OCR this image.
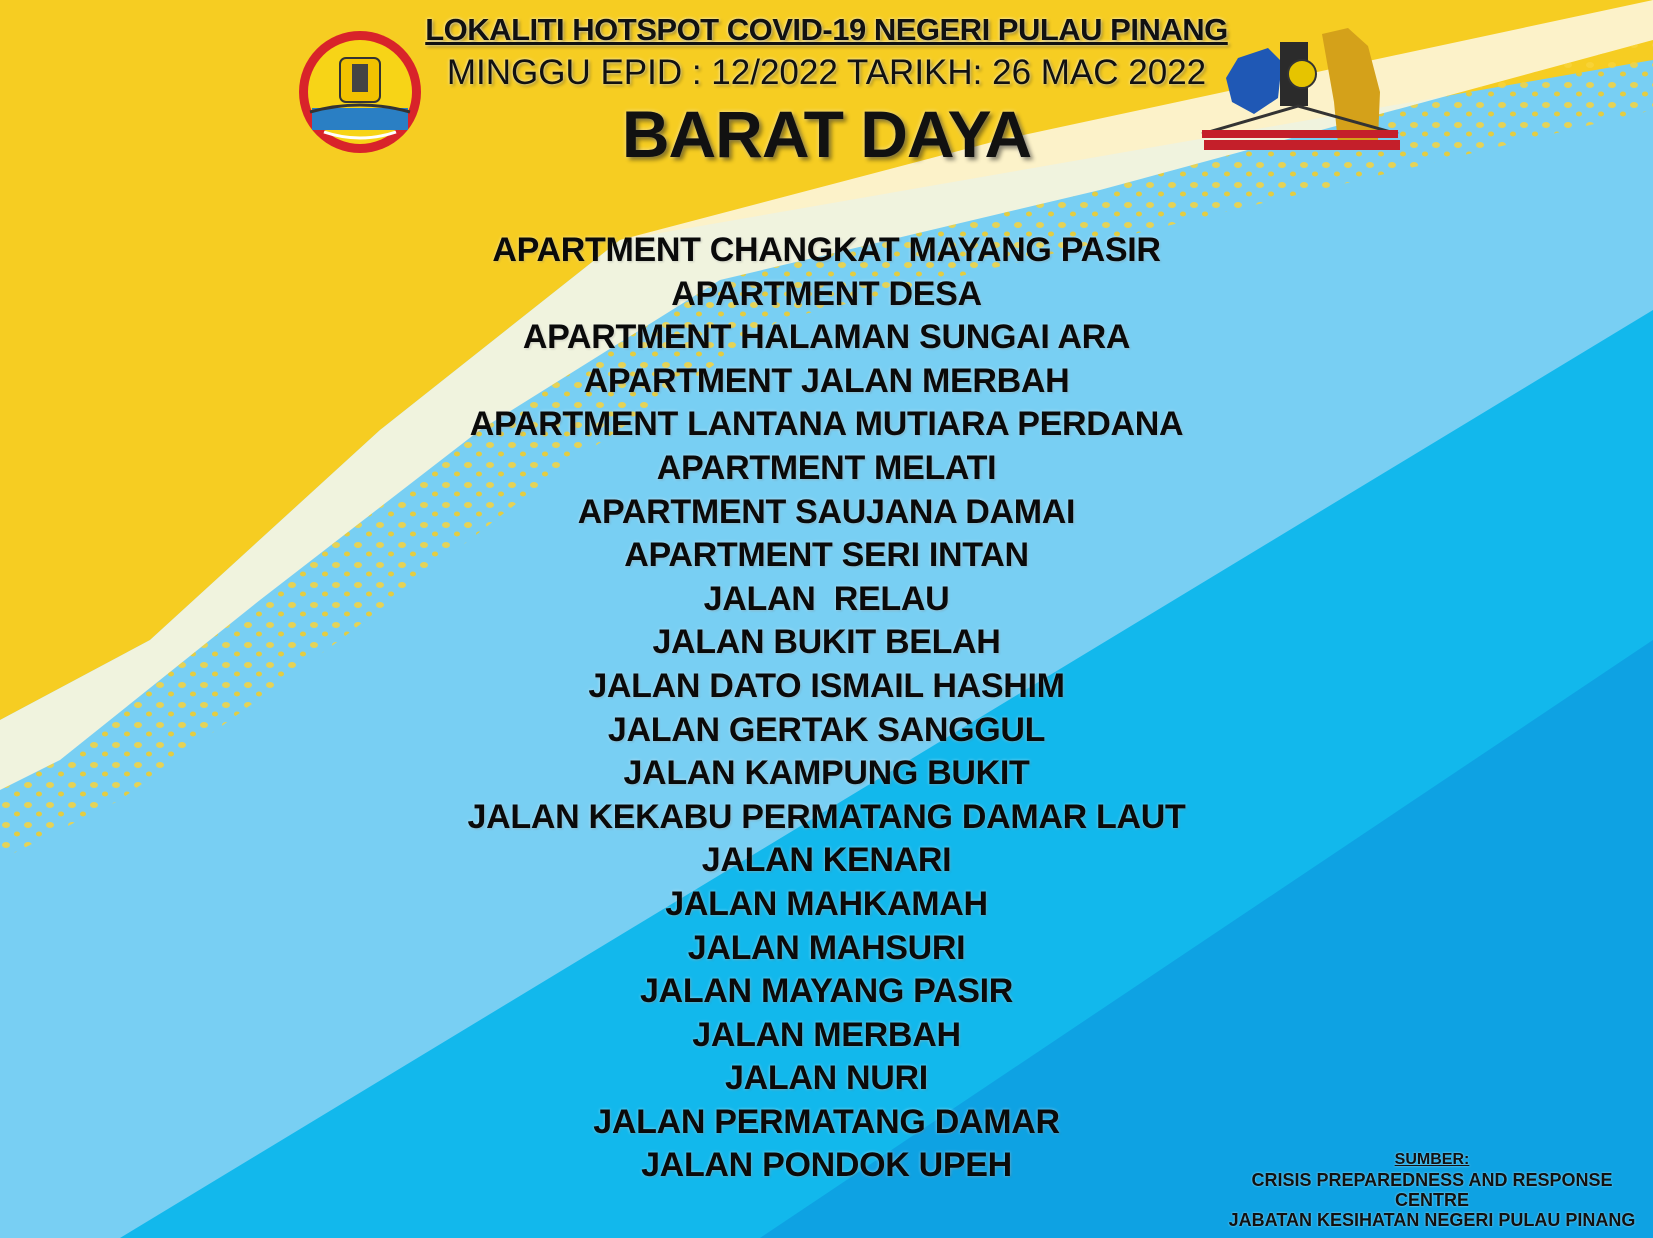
LOKALITI HOTSPOT COVID-19 NEGERI PULAU PINANG
MINGGU EPID : 12/2022 TARIKH: 26 MAC 2022
BARAT DAYA
APARTMENT CHANGKAT MAYANG PASIR
APARTMENT DESA
APARTMENT HALAMAN SUNGAI ARA
APARTMENT JALAN MERBAH
APARTMENT LANTANA MUTIARA PERDANA
APARTMENT MELATI
APARTMENT SAUJANA DAMAI
APARTMENT SERI INTAN
JALAN  RELAU
JALAN BUKIT BELAH
JALAN DATO ISMAIL HASHIM
JALAN GERTAK SANGGUL
JALAN KAMPUNG BUKIT
JALAN KEKABU PERMATANG DAMAR LAUT
JALAN KENARI
JALAN MAHKAMAH
JALAN MAHSURI
JALAN MAYANG PASIR
JALAN MERBAH
JALAN NURI
JALAN PERMATANG DAMAR
JALAN PONDOK UPEH	SUMBER:
CRISIS PREPAREDNESS AND RESPONSE
CENTRE
JABATAN KESIHATAN NEGERI PULAU PINANG
